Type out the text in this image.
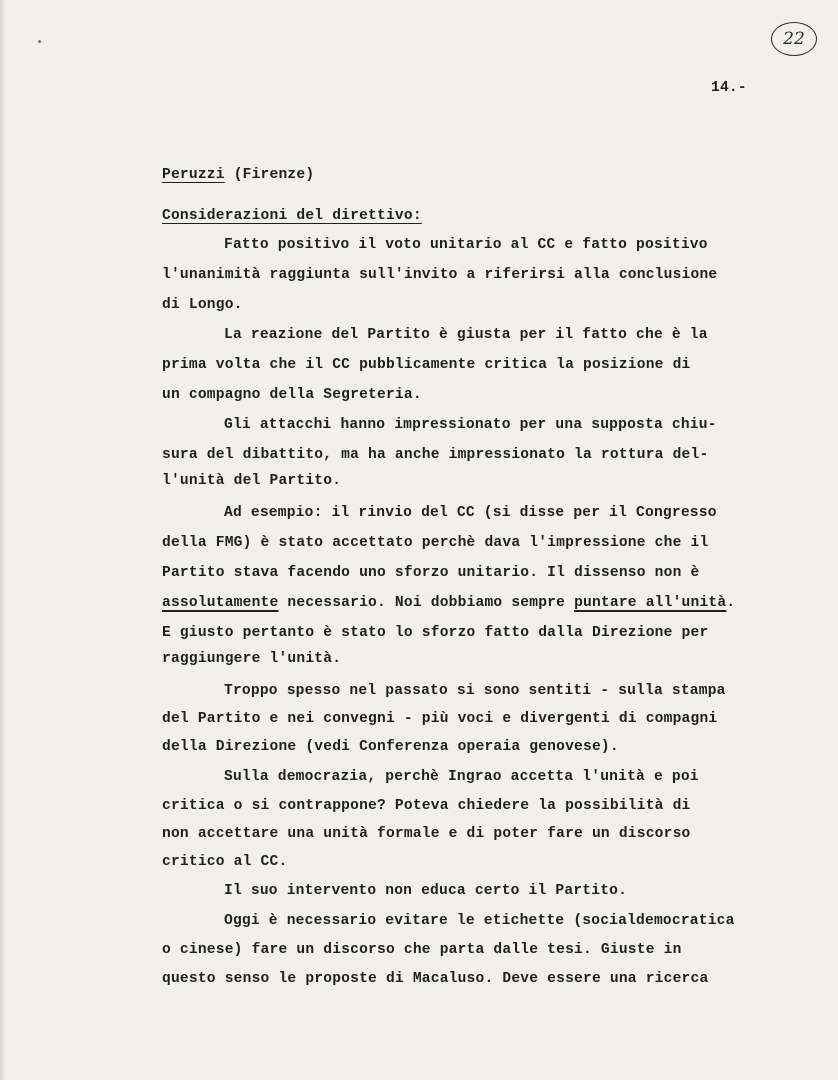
22
14.-
Peruzzi (Firenze)
Considerazioni del direttivo:
Fatto positivo il voto unitario al CC e fatto positivo
l'unanimità raggiunta sull'invito a riferirsi alla conclusione
di Longo.
La reazione del Partito è giusta per il fatto che è la
prima volta che il CC pubblicamente critica la posizione di
un compagno della Segreteria.
Gli attacchi hanno impressionato per una supposta chiu-
sura del dibattito, ma ha anche impressionato la rottura del-
l'unità del Partito.
Ad esempio: il rinvio del CC (si disse per il Congresso
della FMG) è stato accettato perchè dava l'impressione che il
Partito stava facendo uno sforzo unitario. Il dissenso non è
assolutamente necessario. Noi dobbiamo sempre puntare all'unità.
E giusto pertanto è stato lo sforzo fatto dalla Direzione per
raggiungere l'unità.
Troppo spesso nel passato si sono sentiti - sulla stampa
del Partito e nei convegni - più voci e divergenti di compagni
della Direzione (vedi Conferenza operaia genovese).
Sulla democrazia, perchè Ingrao accetta l'unità e poi
critica o si contrappone? Poteva chiedere la possibilità di
non accettare una unità formale e di poter fare un discorso
critico al CC.
Il suo intervento non educa certo il Partito.
Oggi è necessario evitare le etichette (socialdemocratica
o cinese) fare un discorso che parta dalle tesi. Giuste in
questo senso le proposte di Macaluso. Deve essere una ricerca
